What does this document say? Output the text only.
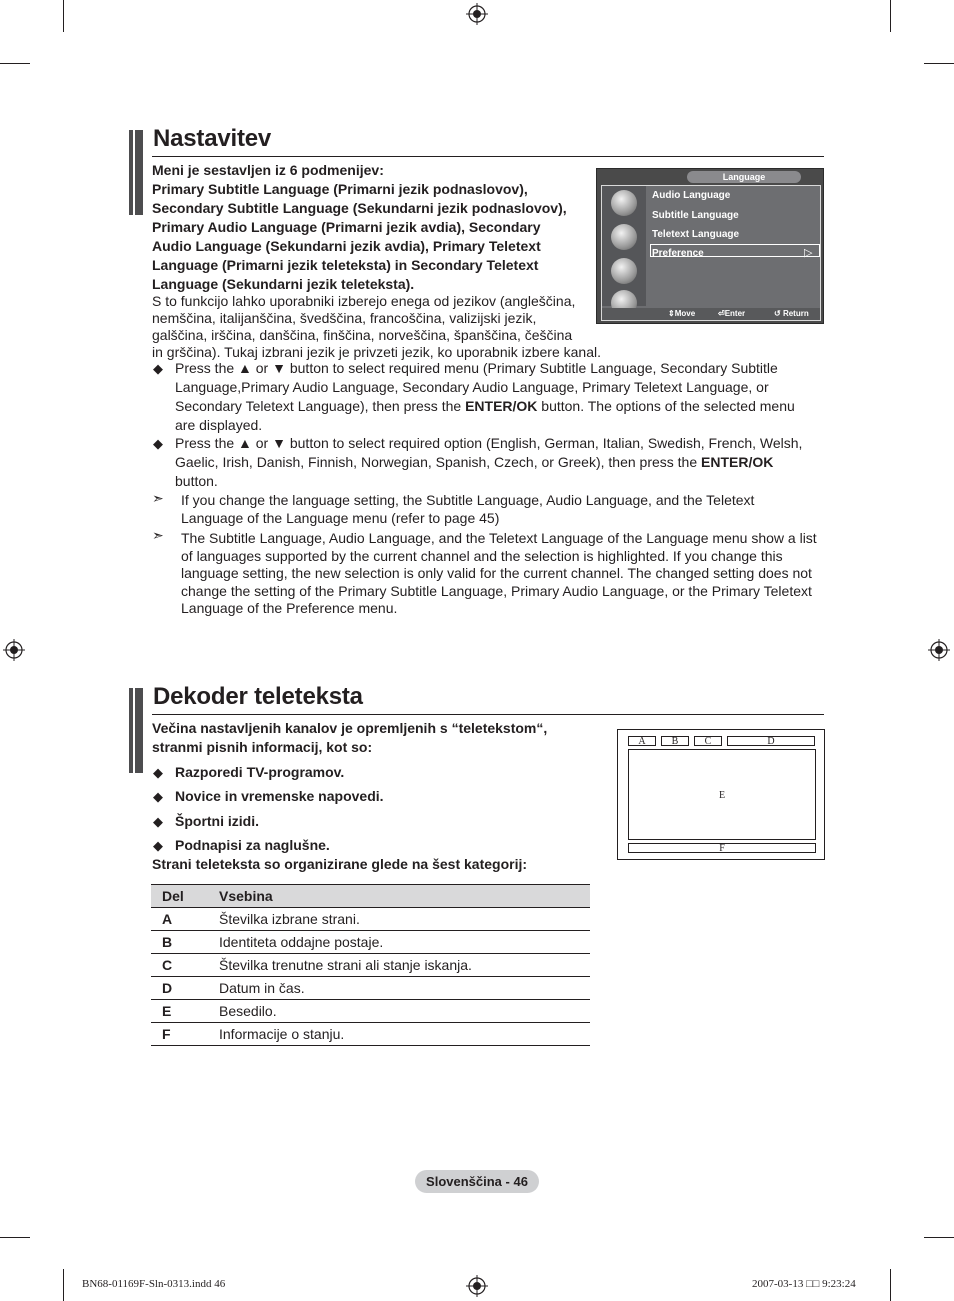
Nastavitev
Meni je sestavljen iz 6 podmenijev:
Primary Subtitle Language (Primarni jezik podnaslovov),
Secondary Subtitle Language (Sekundarni jezik podnaslovov),
Primary Audio Language (Primarni jezik avdia), Secondary
Audio Language (Sekundarni jezik avdia), Primary Teletext
Language (Primarni jezik teleteksta) in Secondary Teletext
Language (Sekundarni jezik teleteksta).
S to funkcijo lahko uporabniki izberejo enega od jezikov (angleščina,
nemščina, italijanščina, švedščina, francoščina, valizijski jezik,
galščina, irščina, danščina, finščina, norveščina, španščina, češčina
in grščina). Tukaj izbrani jezik je privzeti jezik, ko uporabnik izbere kanal.
Language
Audio Language
Subtitle Language
Teletext Language
Preference	▷
⇕Move	⏎Enter	↺ Return
◆ Press the ▲ or ▼ button to select required menu (Primary Subtitle Language, Secondary Subtitle Language,Primary Audio Language, Secondary Audio Language, Primary Teletext Language, or Secondary Teletext Language), then press the ENTER/OK button. The options of the selected menu are displayed.
◆ Press the ▲ or ▼ button to select required option (English, German, Italian, Swedish, French, Welsh, Gaelic, Irish, Danish, Finnish, Norwegian, Spanish, Czech, or Greek), then press the ENTER/OK button.
➣ If you change the language setting, the Subtitle Language, Audio Language, and the Teletext Language of the Language menu (refer to page 45)
➣ The Subtitle Language, Audio Language, and the Teletext Language of the Language menu show a list of languages supported by the current channel and the selection is highlighted. If you change this language setting, the new selection is only valid for the current channel. The changed setting does not change the setting of the Primary Subtitle Language, Primary Audio Language, or the Primary Teletext Language of the Preference menu.
Dekoder teleteksta
Večina nastavljenih kanalov je opremljenih s “teletekstom“,
stranmi pisnih informacij, kot so:
◆ Razporedi TV-programov.
◆ Novice in vremenske napovedi.
◆ Športni izidi.
◆ Podnapisi za naglušne.
Strani teleteksta so organizirane glede na šest kategorij:
A	B	C	D
E
F
Del	Vsebina
A	Številka izbrane strani.
B	Identiteta oddajne postaje.
C	Številka trenutne strani ali stanje iskanja.
D	Datum in čas.
E	Besedilo.
F	Informacije o stanju.
Slovenščina - 46
BN68-01169F-Sln-0313.indd 46	2007-03-13 □□ 9:23:24
